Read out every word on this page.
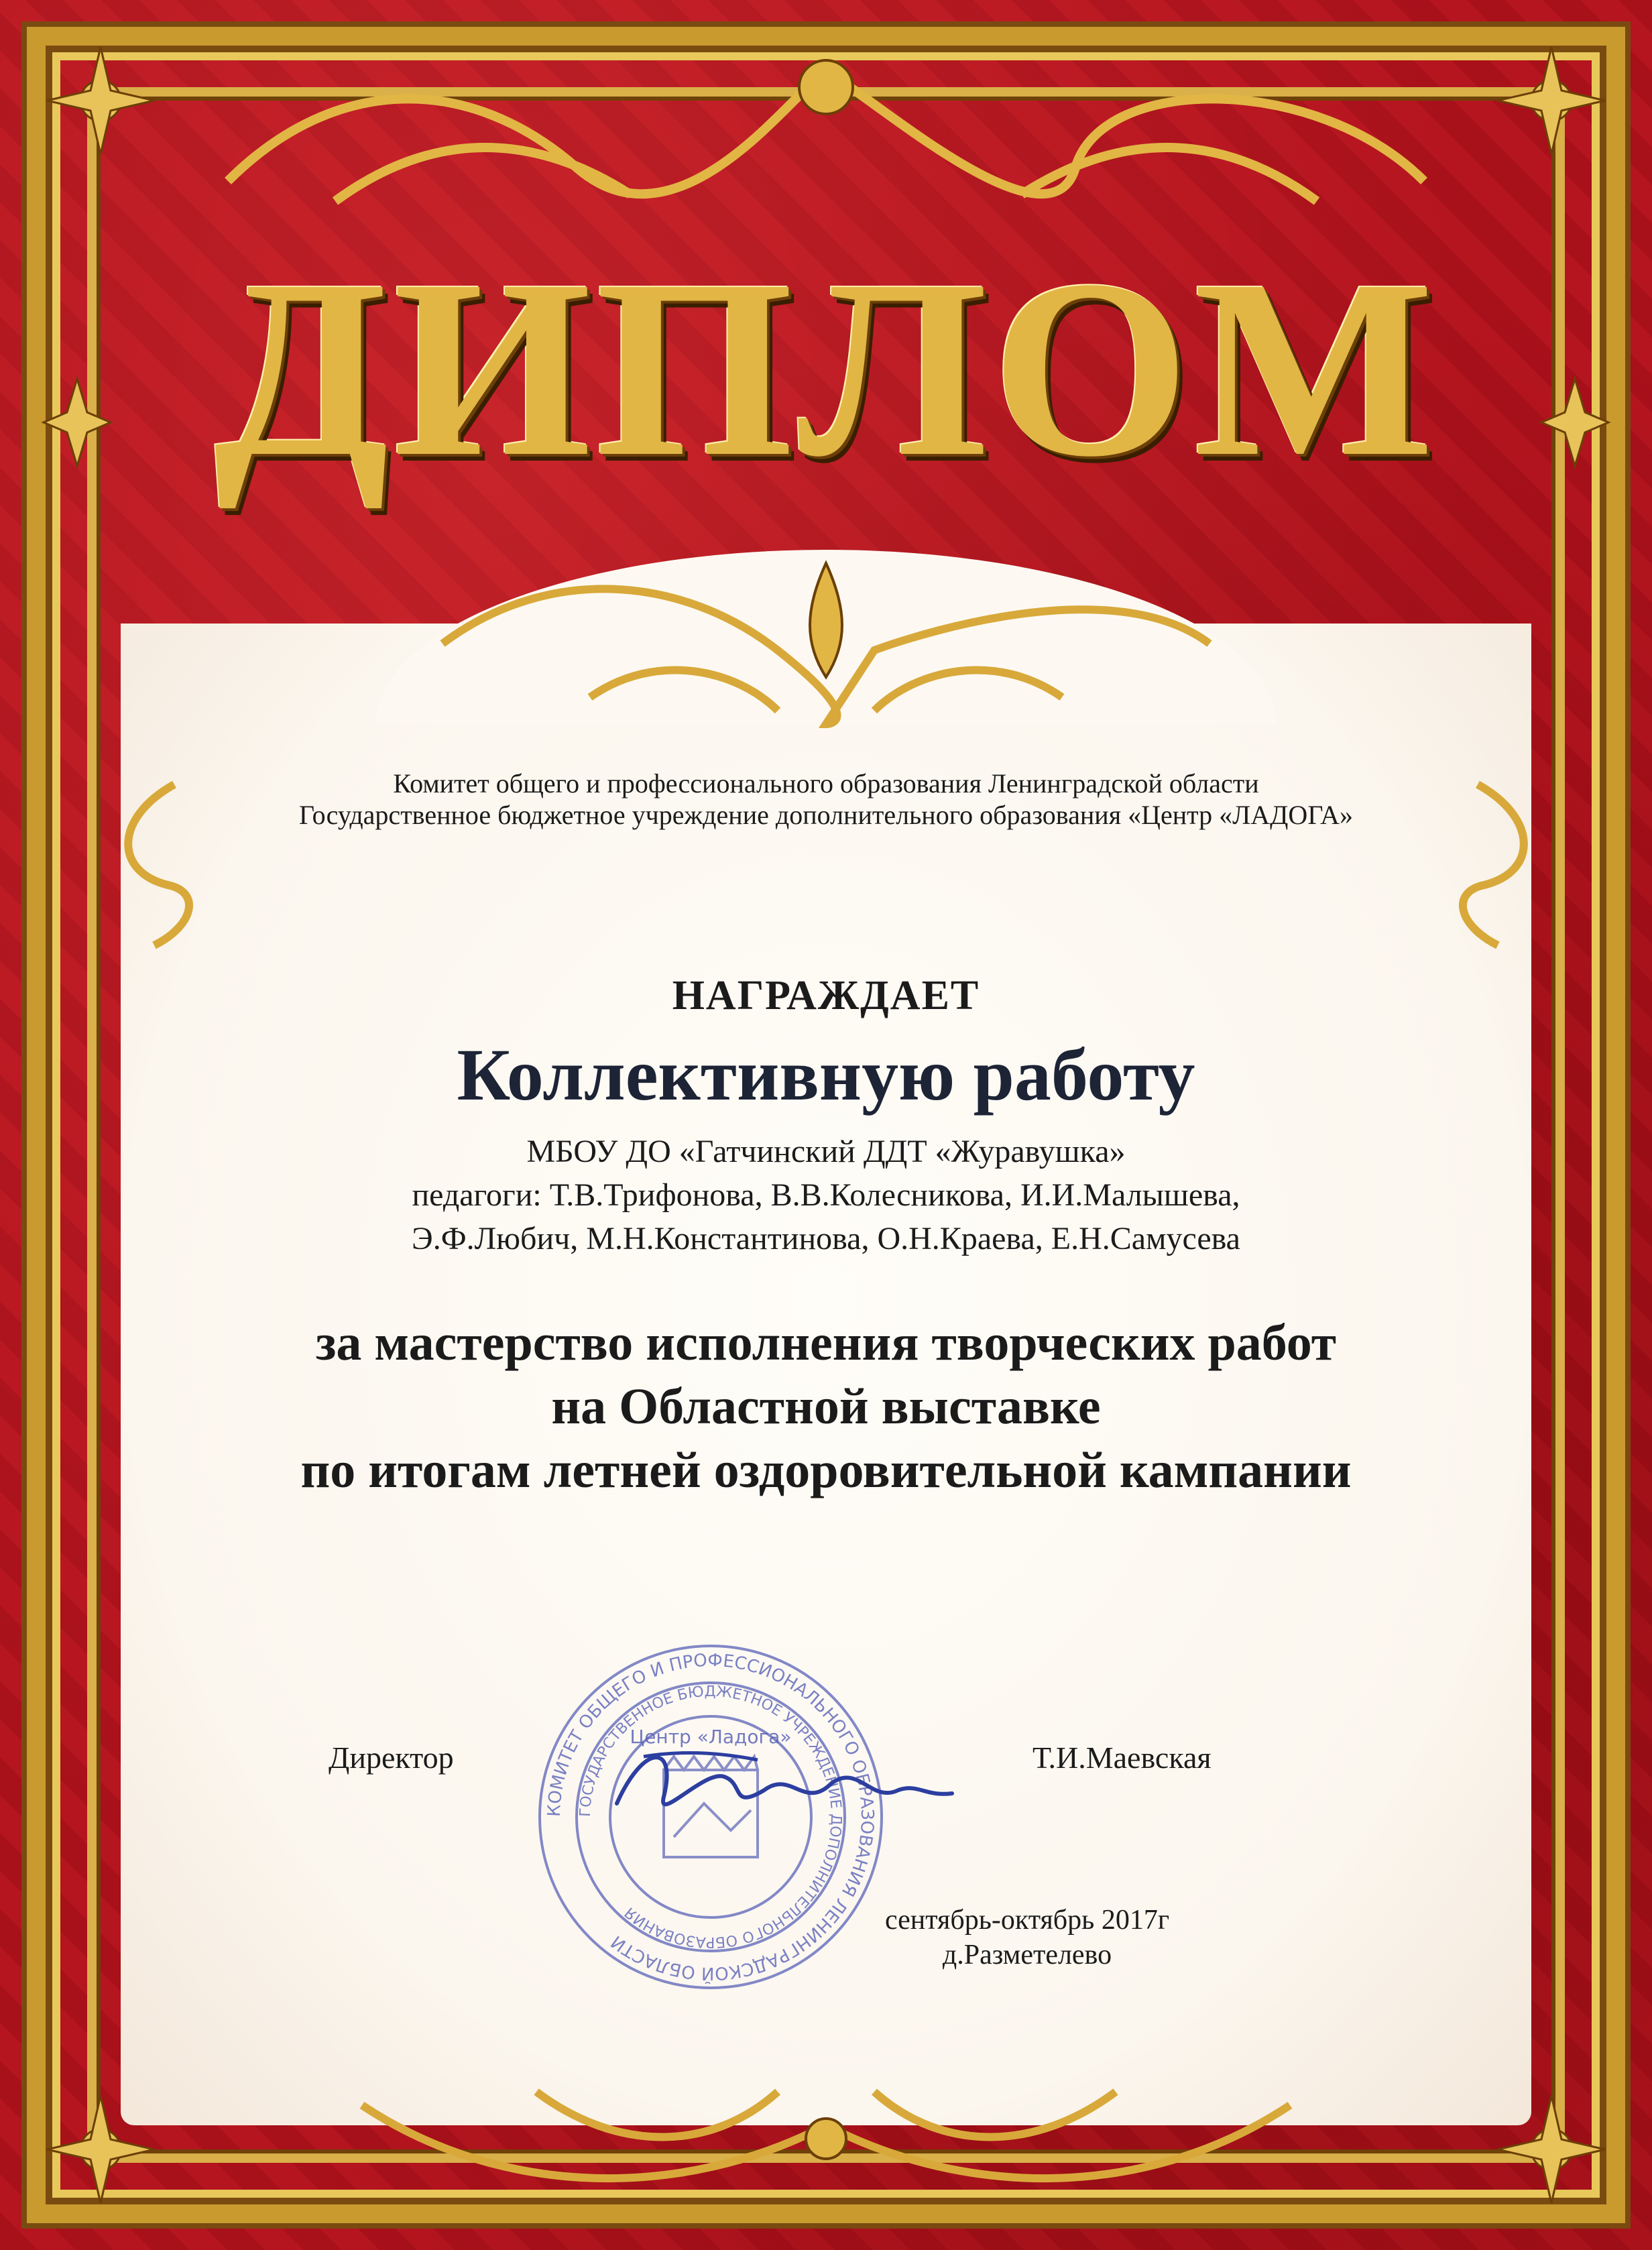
ДИПЛОМ
Комитет общего и профессионального образования Ленинградской области
Государственное бюджетное учреждение дополнительного образования «Центр «ЛАДОГА»
НАГРАЖДАЕТ
Коллективную работу
МБОУ ДО «Гатчинский ДДТ «Журавушка»
педагоги: Т.В.Трифонова, В.В.Колесникова, И.И.Малышева,
Э.Ф.Любич, М.Н.Константинова, О.Н.Краева, Е.Н.Самусева
за мастерство исполнения творческих работ
на Областной выставке
по итогам летней оздоровительной кампании
КОМИТЕТ ОБЩЕГО И ПРОФЕССИОНАЛЬНОГО ОБРАЗОВАНИЯ ЛЕНИНГРАДСКОЙ ОБЛАСТИ
ГОСУДАРСТВЕННОЕ БЮДЖЕТНОЕ УЧРЕЖДЕНИЕ ДОПОЛНИТЕЛЬНОГО ОБРАЗОВАНИЯ
Центр «Ладога»
Директор	Т.И.Маевская
сентябрь-октябрь 2017г
д.Разметелево
